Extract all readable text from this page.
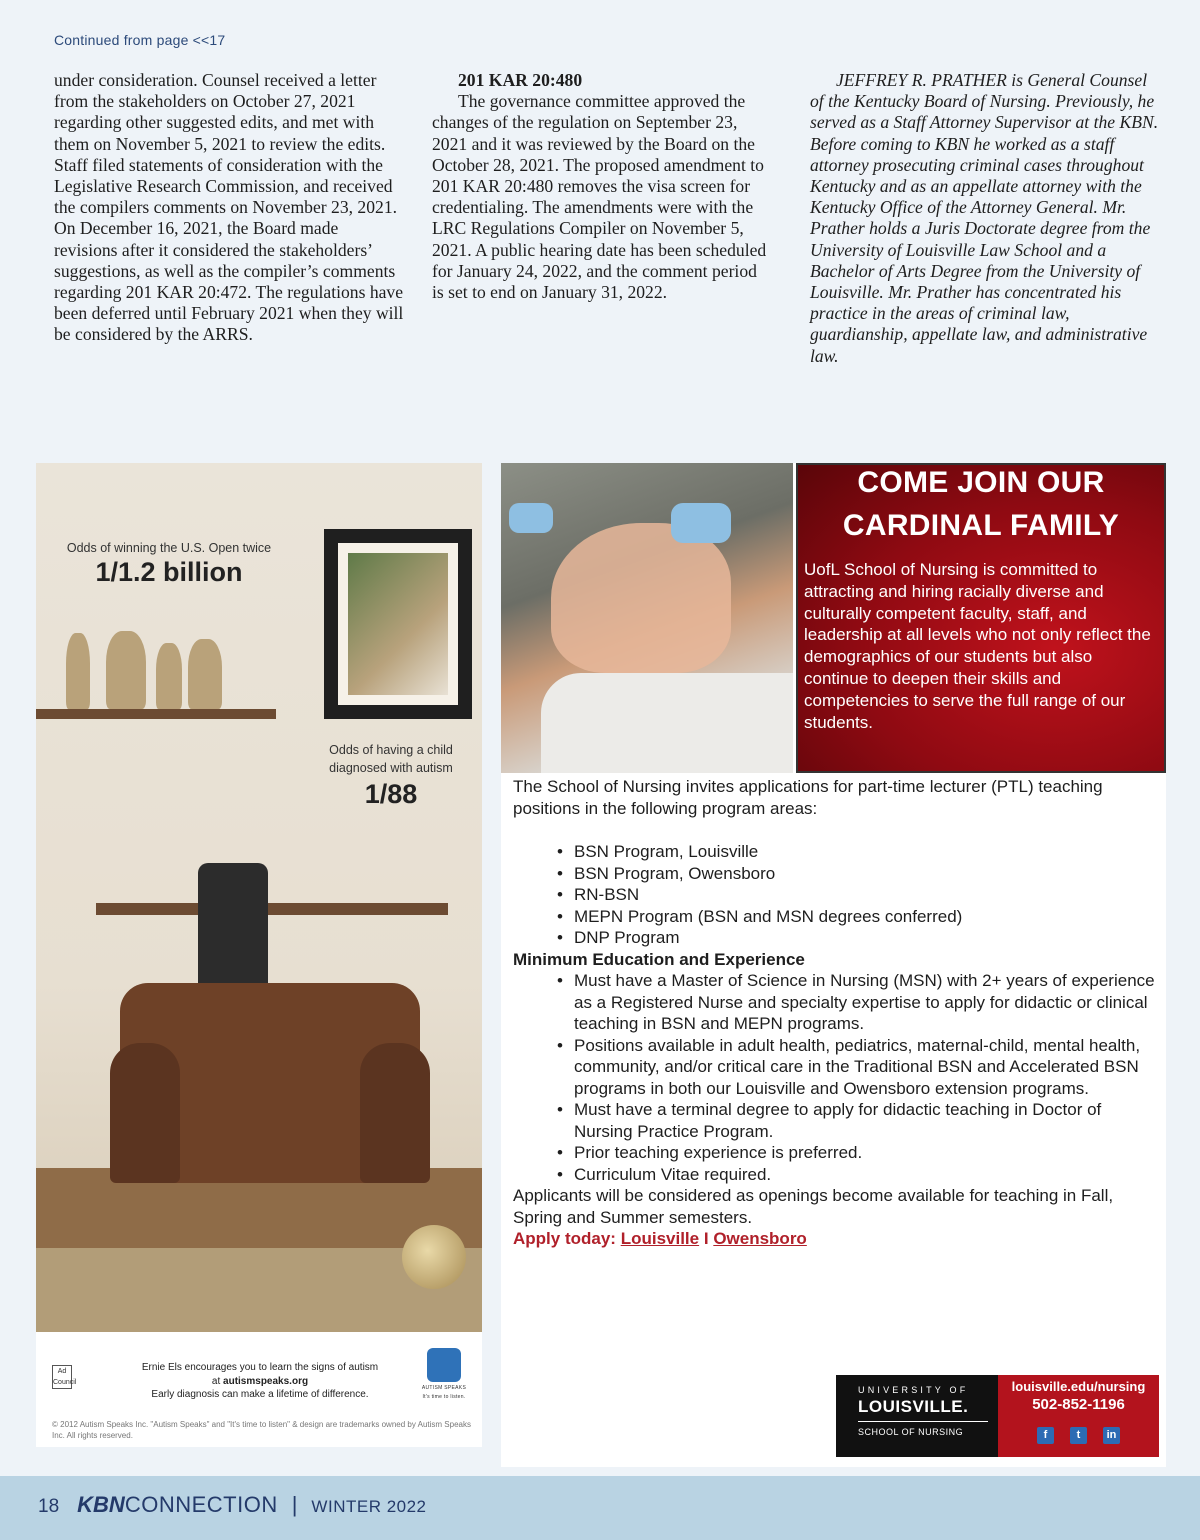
Continued from page <<17

under consideration. Counsel received a letter from the stakeholders on October 27, 2021 regarding other suggested edits, and met with them on November 5, 2021 to review the edits. Staff filed statements of consideration with the Legislative Research Commission, and received the compilers comments on November 23, 2021. On December 16, 2021, the Board made revisions after it considered the stakeholders’ suggestions, as well as the compiler’s comments regarding 201 KAR 20:472. The regulations have been deferred until February 2021 when they will be considered by the ARRS.

201 KAR 20:480

The governance committee approved the changes of the regulation on September 23, 2021 and it was reviewed by the Board on the October 28, 2021. The proposed amendment to 201 KAR 20:480 removes the visa screen for credentialing. The amendments were with the LRC Regulations Compiler on November 5, 2021. A public hearing date has been scheduled for January 24, 2022, and the comment period is set to end on January 31, 2022.

JEFFREY R. PRATHER is General Counsel of the Kentucky Board of Nursing. Previously, he served as a Staff Attorney Supervisor at the KBN. Before coming to KBN he worked as a staff attorney prosecuting criminal cases throughout Kentucky and as an appellate attorney with the Kentucky Office of the Attorney General. Mr. Prather holds a Juris Doctorate degree from the University of Louisville Law School and a Bachelor of Arts Degree from the University of Louisville. Mr. Prather has concentrated his practice in the areas of criminal law, guardianship, appellate law, and administrative law.

Odds of winning the U.S. Open twice
1/1.2 billion
Odds of having a child diagnosed with autism
1/88
Ad Council
Ernie Els encourages you to learn the signs of autism
at autismspeaks.org
Early diagnosis can make a lifetime of difference.
AUTISM SPEAKS
It's time to listen.
© 2012 Autism Speaks Inc. "Autism Speaks" and "It's time to listen" & design are trademarks owned by Autism Speaks Inc. All rights reserved.
COME JOIN OUR CARDINAL FAMILY
UofL School of Nursing is committed to attracting and hiring racially diverse and culturally competent faculty, staff, and leadership at all levels who not only reflect the demographics of our students but also continue to deepen their skills and competencies to serve the full range of our students.

The School of Nursing invites applications for part-time lecturer (PTL) teaching positions in the following program areas:

• BSN Program, Louisville
• BSN Program, Owensboro
• RN-BSN
• MEPN Program (BSN and MSN degrees conferred)
• DNP Program

Minimum Education and Experience

• Must have a Master of Science in Nursing (MSN) with 2+ years of experience as a Registered Nurse and specialty expertise to apply for didactic or clinical teaching in BSN and MEPN programs.
• Positions available in adult health, pediatrics, maternal-child, mental health, community, and/or critical care in the Traditional BSN and Accelerated BSN programs in both our Louisville and Owensboro extension programs.
• Must have a terminal degree to apply for didactic teaching in Doctor of Nursing Practice Program.
• Prior teaching experience is preferred.
• Curriculum Vitae required.

Applicants will be considered as openings become available for teaching in Fall, Spring and Summer semesters.

Apply today: Louisville I Owensboro

UNIVERSITY OF
LOUISVILLE.
SCHOOL OF NURSING
louisville.edu/nursing
502-852-1196
f	t	in
18 KBN CONNECTION | WINTER 2022
